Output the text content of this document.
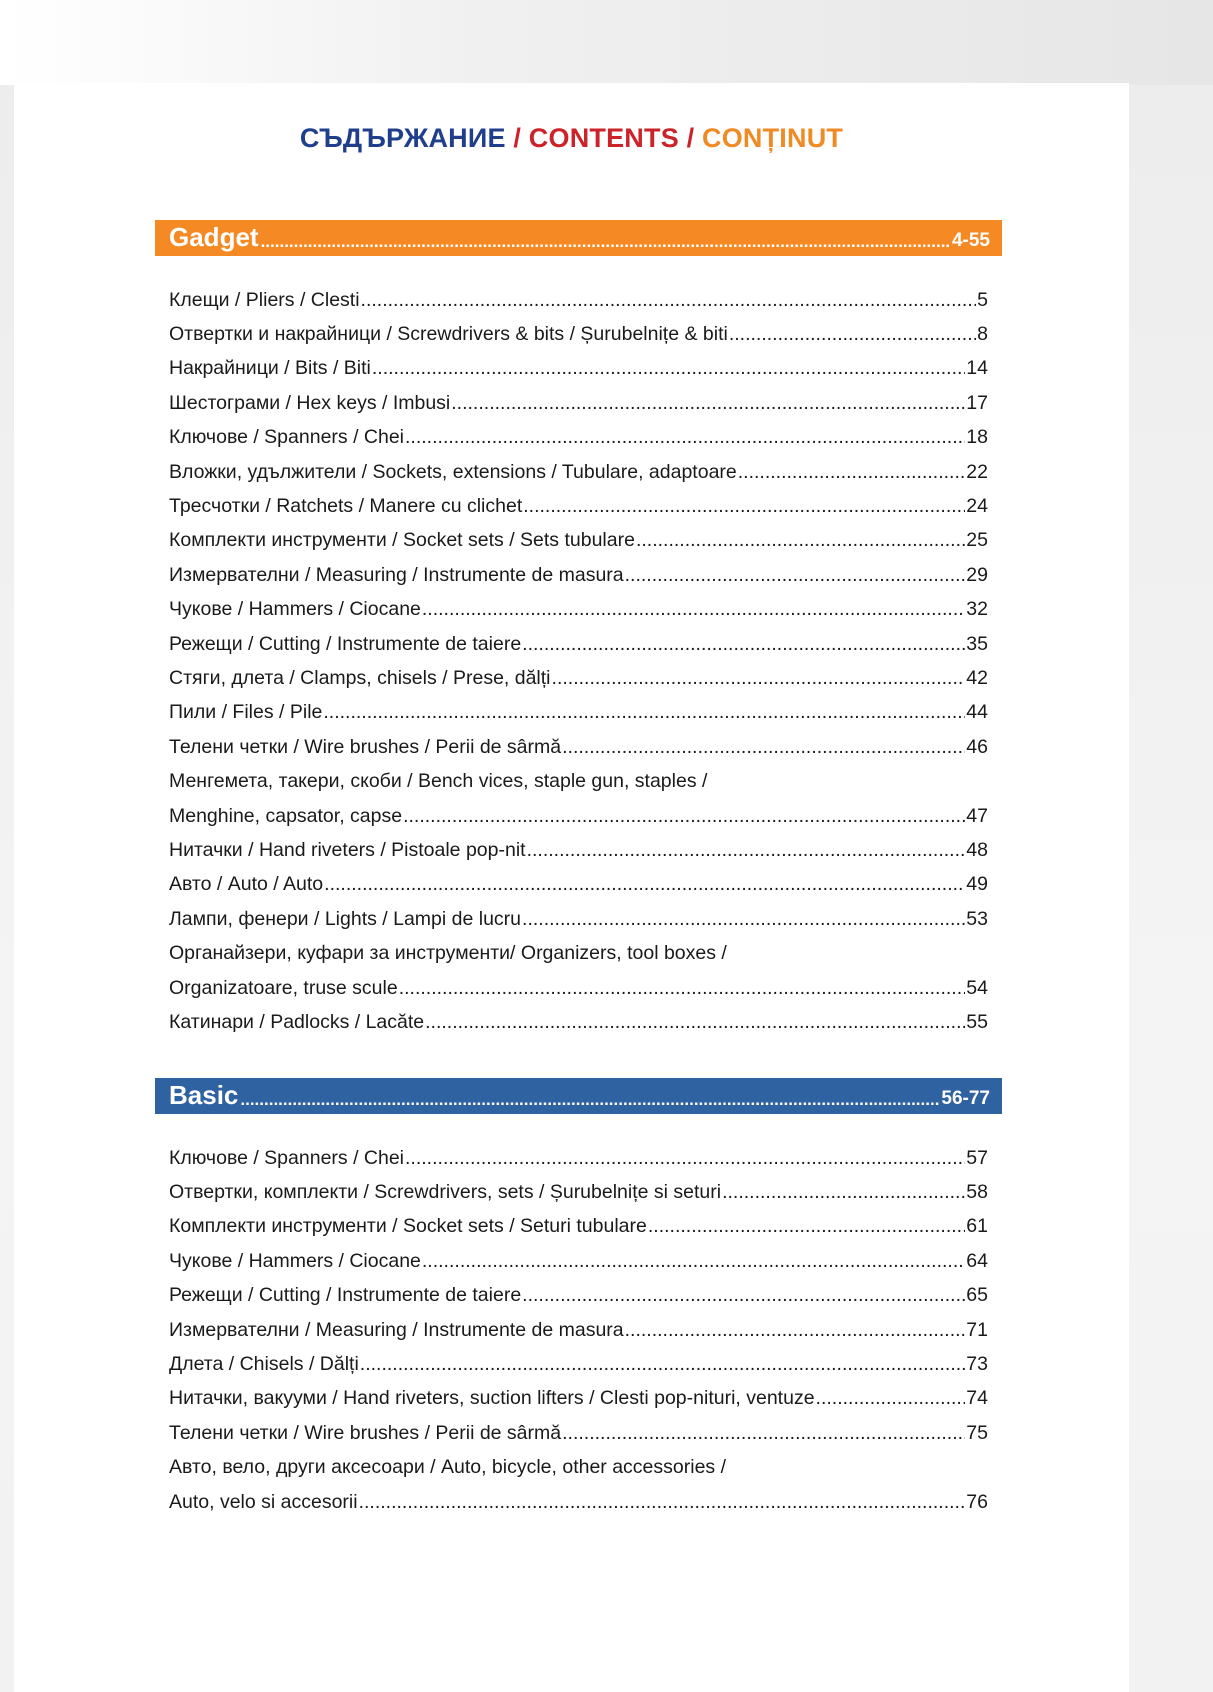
СЪДЪРЖАНИЕ / CONTENTS / CONȚINUT
Gadget .....	4-55
Клещи / Pliers / Clesti .....	5
Отвертки и накрайници / Screwdrivers & bits / Șurubelnițe & biti .....	8
Накрайници / Bits / Biti .....	14
Шестограми / Hex keys / Imbusi .....	17
Ключове / Spanners / Chei .....	18
Вложки, удължители / Sockets, extensions / Tubulare, adaptoare .....	22
Тресчотки / Ratchets / Manere cu clichet .....	24
Комплекти инструменти / Socket sets / Sets tubulare .....	25
Измервателни / Measuring / Instrumente de masura .....	29
Чукове / Hammers / Ciocane .....	32
Режещи / Cutting / Instrumente de taiere .....	35
Стяги, длета / Clamps, chisels / Prese, dălți .....	42
Пили / Files / Pile .....	44
Телени четки / Wire brushes / Perii de sârmă .....	46
Менгемета, такери, скоби / Bench vices, staple gun, staples /
Menghine, capsator, capse .....	47
Нитачки / Hand riveters / Pistoale pop-nit .....	48
Авто / Auto / Auto .....	49
Лампи, фенери / Lights / Lampi de lucru .....	53
Органайзери, куфари за инструменти/ Organizers, tool boxes /
Organizatoare, truse scule .....	54
Катинари / Padlocks / Lacăte .....	55
Basic .....	56-77
Ключове / Spanners / Chei .....	57
Отвертки, комплекти / Screwdrivers, sets / Șurubelnițe si seturi .....	58
Комплекти инструменти / Socket sets / Seturi tubulare .....	61
Чукове / Hammers / Ciocane .....	64
Режещи / Cutting / Instrumente de taiere .....	65
Измервателни / Measuring / Instrumente de masura .....	71
Длета / Chisels / Dălți .....	73
Нитачки, вакууми / Hand riveters, suction lifters / Clesti pop-nituri, ventuze .....	74
Телени четки / Wire brushes / Perii de sârmă .....	75
Авто, вело, други аксесоари / Auto, bicycle, other accessories /
Auto, velo si accesorii .....	76
